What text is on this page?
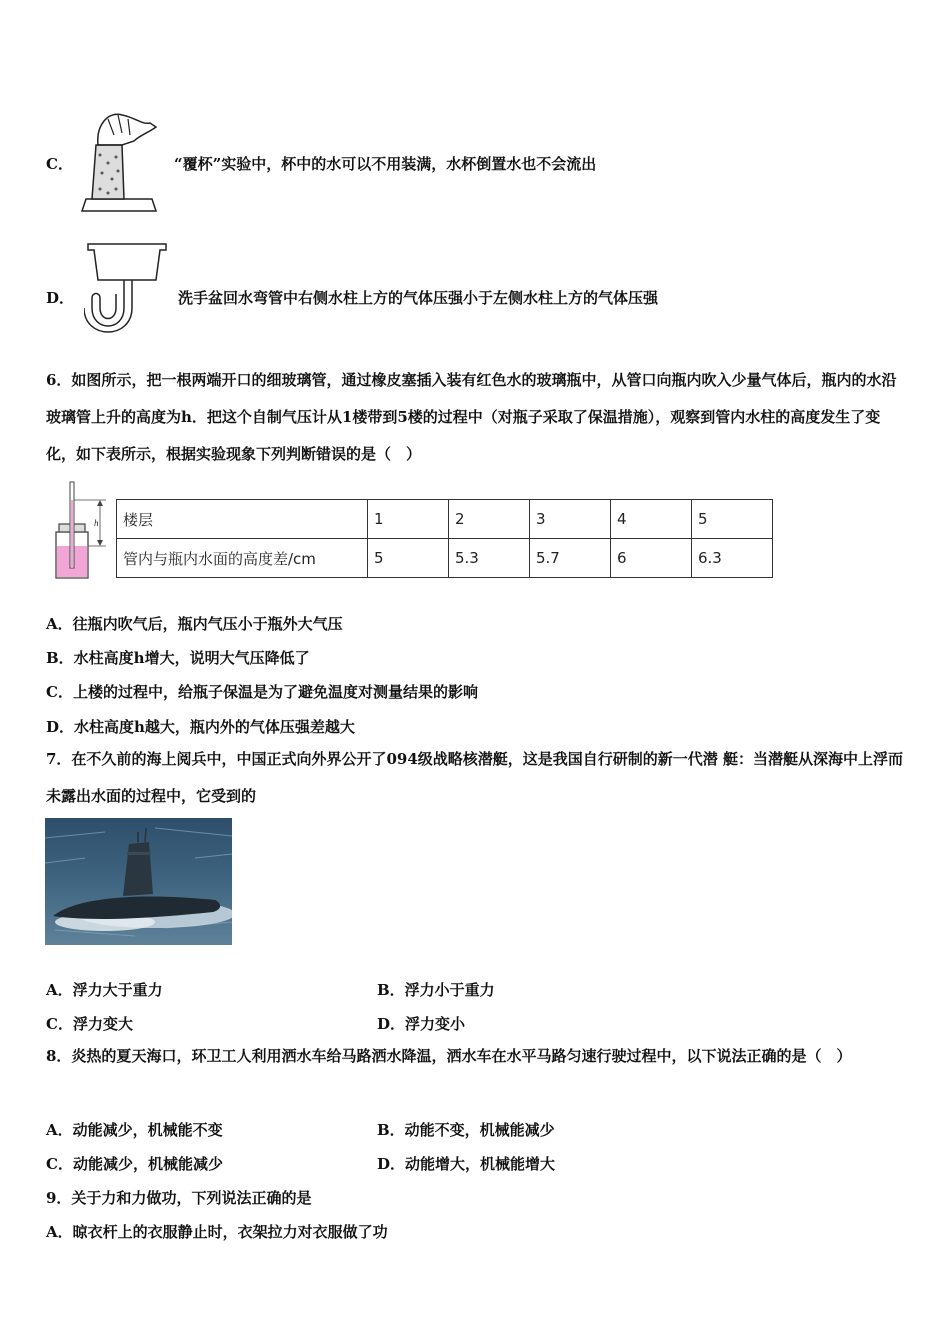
C．	“覆杯”实验中，杯中的水可以不用装满，水杯倒置水也不会流出
D．	洗手盆回水弯管中右侧水柱上方的气体压强小于左侧水柱上方的气体压强
6．如图所示，把一根两端开口的细玻璃管，通过橡皮塞插入装有红色水的玻璃瓶中，从管口向瓶内吹入少量气体后，瓶内的水沿玻璃管上升的高度为h．把这个自制气压计从1楼带到5楼的过程中（对瓶子采取了保温措施），观察到管内水柱的高度发生了变化，如下表所示，根据实验现象下列判断错误的是（　）
h 楼层	1	2	3	4	5
管内与瓶内水面的高度差/cm	5	5.3	5.7	6	6.3
A．往瓶内吹气后，瓶内气压小于瓶外大气压
B．水柱高度h增大，说明大气压降低了
C．上楼的过程中，给瓶子保温是为了避免温度对测量结果的影响
D．水柱高度h越大，瓶内外的气体压强差越大
7．在不久前的海上阅兵中，中国正式向外界公开了094级战略核潜艇，这是我国自行研制的新一代潜 艇：当潜艇从深海中上浮而未露出水面的过程中，它受到的
A．浮力大于重力	B．浮力小于重力
C．浮力变大	D．浮力变小
8．炎热的夏天海口，环卫工人利用洒水车给马路洒水降温，洒水车在水平马路匀速行驶过程中，以下说法正确的是（　）
A．动能减少，机械能不变	B．动能不变，机械能减少
C．动能减少，机械能减少	D．动能增大，机械能增大
9．关于力和力做功，下列说法正确的是
A．晾衣杆上的衣服静止时，衣架拉力对衣服做了功
